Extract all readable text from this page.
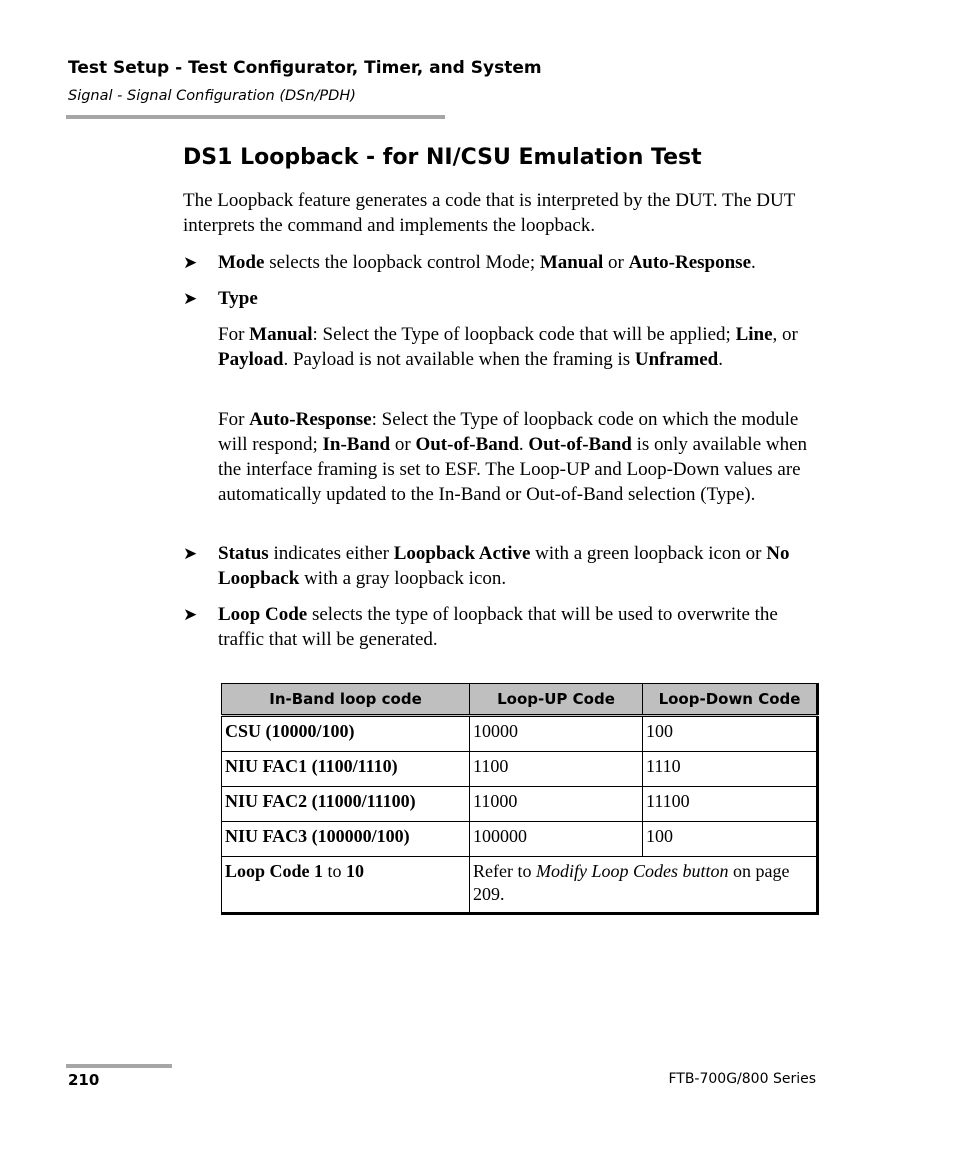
Test Setup - Test Configurator, Timer, and System
Signal - Signal Configuration (DSn/PDH)
DS1 Loopback - for NI/CSU Emulation Test
The Loopback feature generates a code that is interpreted by the DUT. The DUT interprets the command and implements the loopback.
➤ Mode selects the loopback control Mode; Manual or Auto-Response.
➤ Type
For Manual: Select the Type of loopback code that will be applied; Line, or Payload. Payload is not available when the framing is Unframed.
For Auto-Response: Select the Type of loopback code on which the module will respond; In-Band or Out-of-Band. Out-of-Band is only available when the interface framing is set to ESF. The Loop-UP and Loop-Down values are automatically updated to the In-Band or Out-of-Band selection (Type).
➤ Status indicates either Loopback Active with a green loopback icon or No Loopback with a gray loopback icon.
➤ Loop Code selects the type of loopback that will be used to overwrite the traffic that will be generated.
In-Band loop code	Loop-UP Code	Loop-Down Code
CSU (10000/100)	10000	100
NIU FAC1 (1100/1110)	1100	1110
NIU FAC2 (11000/11100)	11000	11100
NIU FAC3 (100000/100)	100000	100
Loop Code 1 to 10	Refer to Modify Loop Codes button on page 209.	
210	FTB-700G/800 Series
